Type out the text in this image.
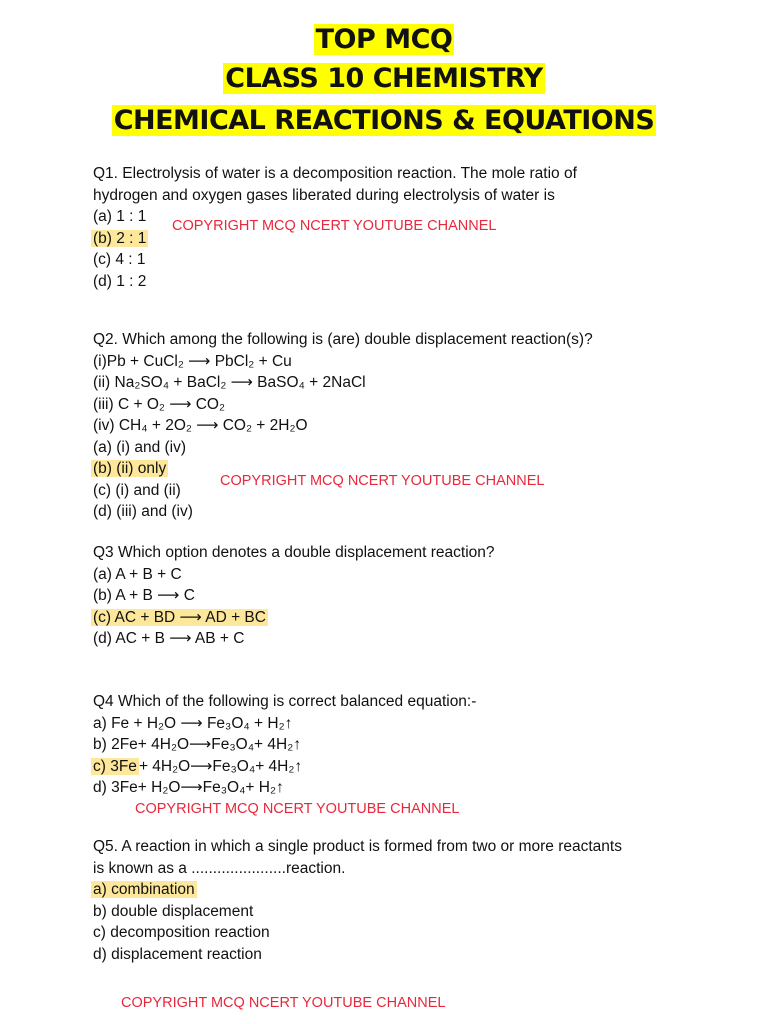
TOP MCQ
CLASS 10 CHEMISTRY
CHEMICAL REACTIONS & EQUATIONS
Q1. Electrolysis of water is a decomposition reaction. The mole ratio of
hydrogen and oxygen gases liberated during electrolysis of water is
(a) 1 : 1
(b) 2 : 1
(c) 4 : 1
(d) 1 : 2
COPYRIGHT MCQ NCERT YOUTUBE CHANNEL
Q2. Which among the following is (are) double displacement reaction(s)?
(i)Pb + CuCl₂ ⟶ PbCl₂ + Cu
(ii) Na₂SO₄ + BaCl₂ ⟶ BaSO₄ + 2NaCl
(iii) C + O₂ ⟶ CO₂
(iv) CH₄ + 2O₂ ⟶ CO₂ + 2H₂O
(a) (i) and (iv)
(b) (ii) only
(c) (i) and (ii)
(d) (iii) and (iv)
COPYRIGHT MCQ NCERT YOUTUBE CHANNEL
Q3 Which option denotes a double displacement reaction?
(a) A + B + C
(b) A + B ⟶ C
(c) AC + BD ⟶ AD + BC
(d) AC + B ⟶ AB + C
Q4 Which of the following is correct balanced equation:-
a) Fe + H₂O ⟶ Fe₃O₄ + H₂↑
b) 2Fe+ 4H₂O⟶Fe₃O₄+ 4H₂↑
c) 3Fe + 4H₂O⟶Fe₃O₄+ 4H₂↑
d) 3Fe+ H₂O⟶Fe₃O₄+ H₂↑
COPYRIGHT MCQ NCERT YOUTUBE CHANNEL
Q5. A reaction in which a single product is formed from two or more reactants
is known as a ......................reaction.
a) combination
b) double displacement
c) decomposition reaction
d) displacement reaction
COPYRIGHT MCQ NCERT YOUTUBE CHANNEL
